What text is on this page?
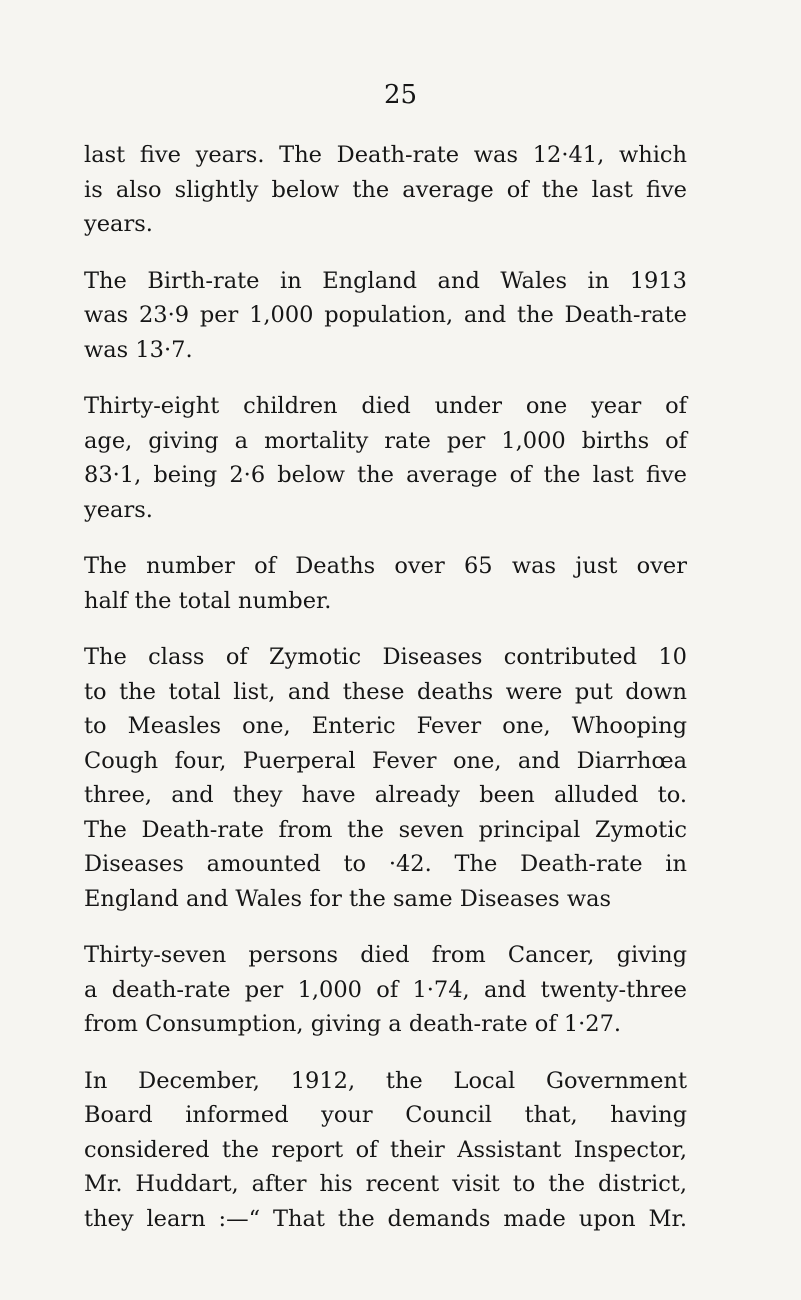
25

last five years. The Death-rate was 12·41, which
is also slightly below the average of the last five
years.

The Birth-rate in England and Wales in 1913
was 23·9 per 1,000 population, and the Death-rate
was 13·7.

Thirty-eight children died under one year of
age, giving a mortality rate per 1,000 births of
83·1, being 2·6 below the average of the last five
years.

The number of Deaths over 65 was just over
half the total number.

The class of Zymotic Diseases contributed 10
to the total list, and these deaths were put down
to Measles one, Enteric Fever one, Whooping
Cough four, Puerperal Fever one, and Diarrhœa
three, and they have already been alluded to.
The Death-rate from the seven principal Zymotic
Diseases amounted to ·42. The Death-rate in
England and Wales for the same Diseases was

Thirty-seven persons died from Cancer, giving
a death-rate per 1,000 of 1·74, and twenty-three
from Consumption, giving a death-rate of 1·27.

In December, 1912, the Local Government
Board informed your Council that, having
considered the report of their Assistant Inspector,
Mr. Huddart, after his recent visit to the district,
they learn :—“ That the demands made upon Mr.
